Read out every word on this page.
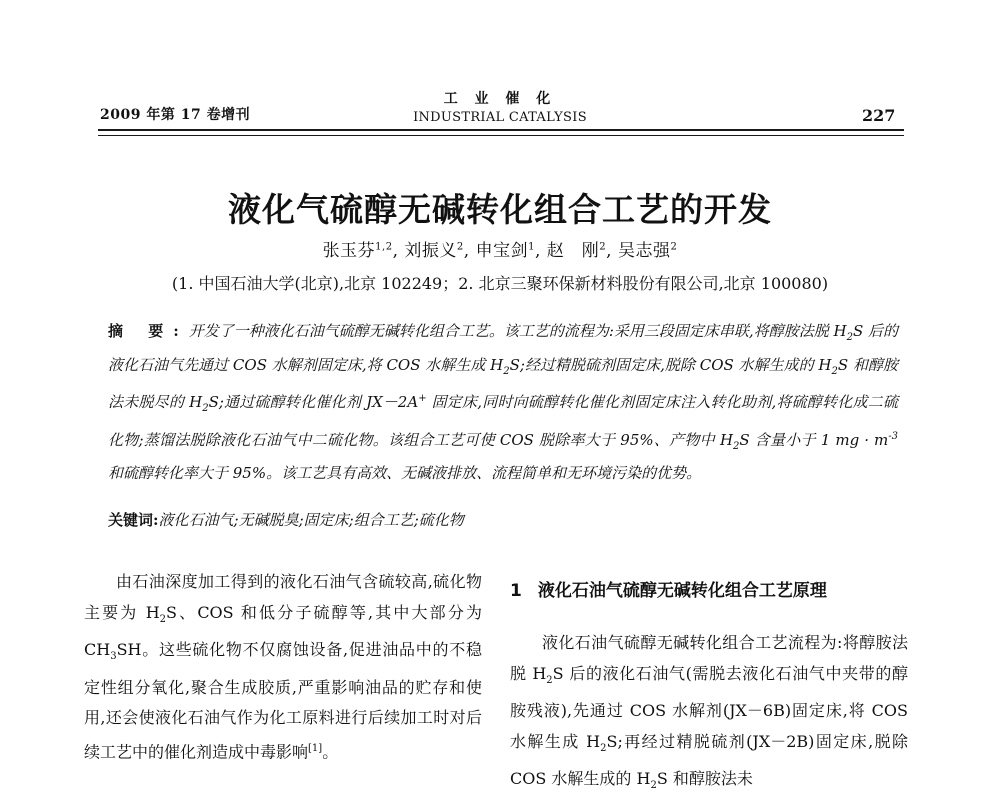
2009 年第 17 卷增刊
工 业 催 化
INDUSTRIAL CATALYSIS	227
液化气硫醇无碱转化组合工艺的开发
张玉芬$^{1,2}$, 刘振义$^2$, 申宝剑$^1$, 赵　刚$^2$, 吴志强$^2$
(1. 中国石油大学(北京),北京 102249；2. 北京三聚环保新材料股份有限公司,北京 100080)
摘 要:开发了一种液化石油气硫醇无碱转化组合工艺。该工艺的流程为:采用三段固定床串联,将醇胺法脱 $H_2S$ 后的液化石油气先通过 COS 水解剂固定床,将 COS 水解生成 $H_2S$;经过精脱硫剂固定床,脱除 COS 水解生成的 $H_2S$ 和醇胺法未脱尽的 $H_2S$;通过硫醇转化催化剂 JX－2A+ 固定床,同时向硫醇转化催化剂固定床注入转化助剂,将硫醇转化成二硫化物;蒸馏法脱除液化石油气中二硫化物。该组合工艺可使 COS 脱除率大于 95%、产物中 $H_2S$ 含量小于 1 mg · $m^{-3}$和硫醇转化率大于 95%。该工艺具有高效、无碱液排放、流程简单和无环境污染的优势。
关键词:液化石油气;无碱脱臭;固定床;组合工艺;硫化物
由石油深度加工得到的液化石油气含硫较高,硫化物主要为 $H_2S$、COS 和低分子硫醇等,其中大部分为 $CH_3SH$。这些硫化物不仅腐蚀设备,促进油品中的不稳定性组分氧化,聚合生成胶质,严重影响油品的贮存和使用,还会使液化石油气作为化工原料进行后续加工时对后续工艺中的催化剂造成中毒影响[1]。
1 液化石油气硫醇无碱转化组合工艺原理
液化石油气硫醇无碱转化组合工艺流程为:将醇胺法脱 $H_2S$ 后的液化石油气(需脱去液化石油气中夹带的醇胺残液),先通过 COS 水解剂(JX－6B)固定床,将 COS 水解生成 $H_2S$;再经过精脱硫剂(JX－2B)固定床,脱除 COS 水解生成的 $H_2S$ 和醇胺法未
